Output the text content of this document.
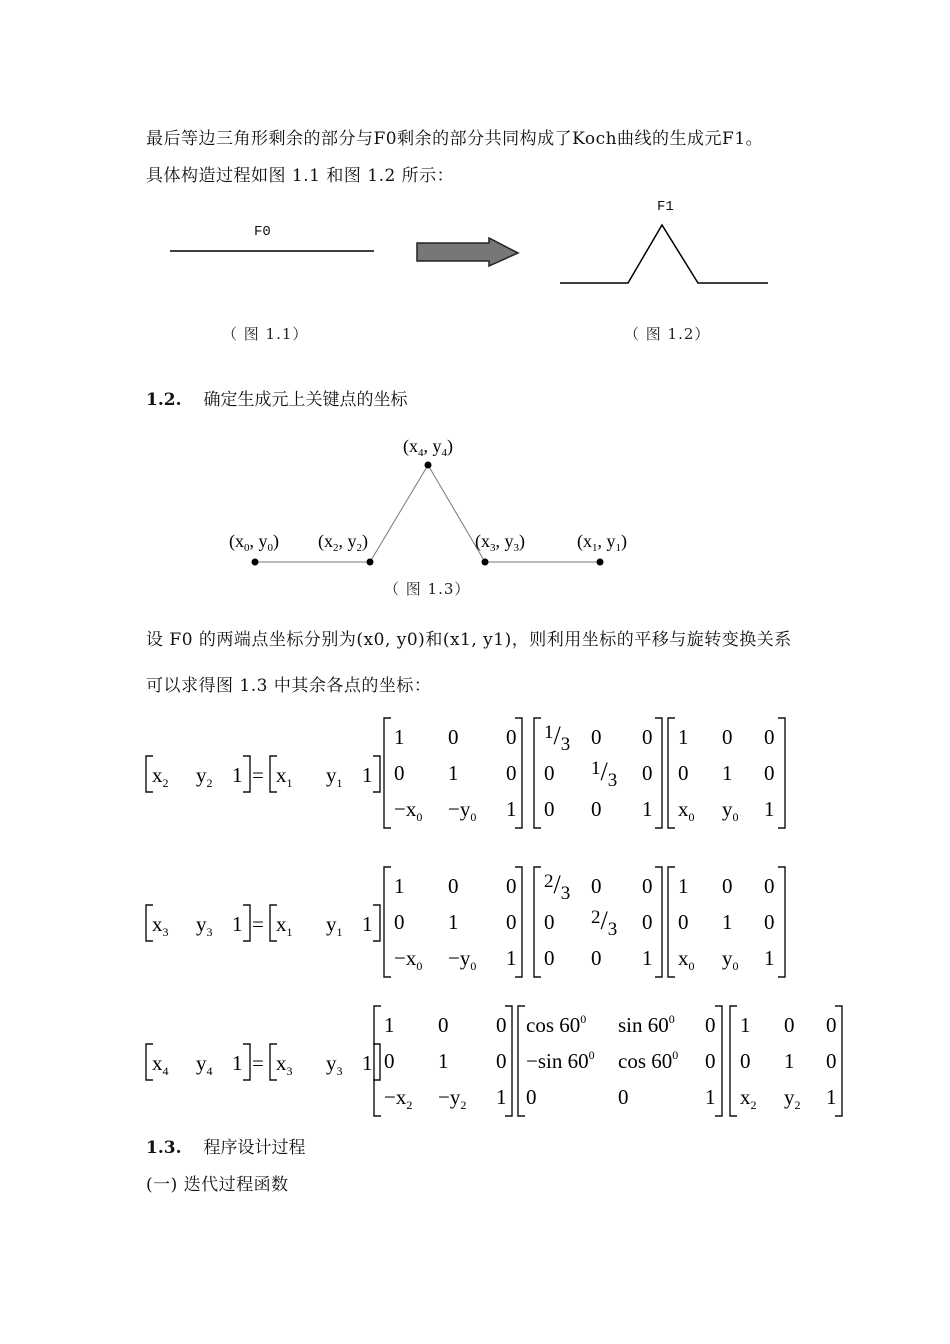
最后等边三角形剩余的部分与F0剩余的部分共同构成了Koch曲线的生成元F1。
具体构造过程如图 1.1 和图 1.2 所示：
F0
F1
（ 图 1.1）	（ 图 1.2）
1.2. 确定生成元上关键点的坐标
($x_4$, $y_4$)
($x_0$, $y_0$) ($x_2$, $y_2$)	($x_3$, $y_3$)	($x_1$, $y_1$)
（ 图 1.3）
设 F0 的两端点坐标分别为(x0, y0)和(x1, y1)，则利用坐标的平移与旋转变换关系
可以求得图 1.3 中其余各点的坐标：
$x_2$ $y_2$ $1 = x_1$ $y_1$ 1
1 0 0
0 1 0
$-x_0 -y_0$ 1
1/3 0 0
0 1/3 0
0 0 1
1 0 0
0 1 0
$x_0$ $y_0$ 1
$x_3$ $y_3$ $1 = x_1$ $y_1$ 1
1 0 0
0 1 0
$-x_0 -y_0$ 1
2/3 0 0
0 2/3 0
0 0 1
1 0 0
0 1 0
$x_0$ $y_0$ 1
$x_4$ $y_4$ $1 = x_3$ $y_3$ 1
1 0 0
0 1 0
$-x_2 -y_2$ 1
$\cos 60^0$ $\sin 60^0$ 0
−sin $60^0$ $\cos 60^0$ 0
0	0	1
1 0 0
0 1 0
$x_2$ $y_2$ 1
1.3. 程序设计过程
(一) 迭代过程函数
